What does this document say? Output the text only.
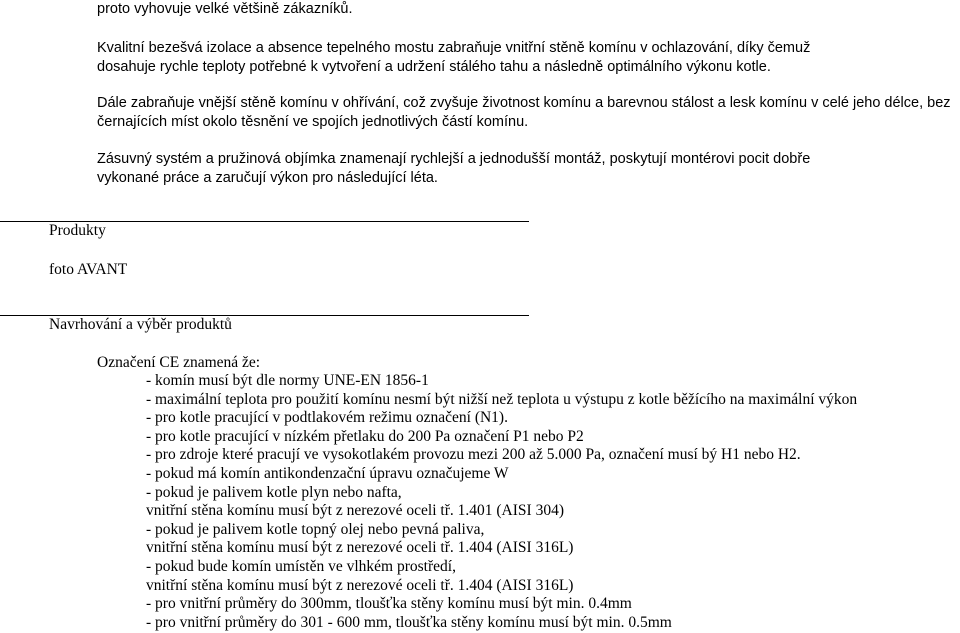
proto vyhovuje velké většině zákazníků.
Kvalitní bezešvá izolace a absence tepelného mostu zabraňuje vnitřní stěně komínu v ochlazování, díky čemuž
dosahuje rychle teploty potřebné k vytvoření a udržení stálého tahu a následně optimálního výkonu kotle.
Dále zabraňuje vnější stěně komínu v ohřívání, což zvyšuje životnost komínu a barevnou stálost a lesk komínu v celé jeho délce, bez
černajících míst okolo těsnění ve spojích jednotlivých částí komínu.
Zásuvný systém a pružinová objímka znamenají rychlejší a jednodušší montáž, poskytují montérovi pocit dobře
vykonané práce a zaručují výkon pro následující léta.
Produkty
foto AVANT
Navrhování a výběr produktů
Označení CE znamená že:
- komín musí být dle normy UNE-EN 1856-1
- maximální teplota pro použití komínu nesmí být nižší než teplota u výstupu z kotle běžícího na maximální výkon
- pro kotle pracující v podtlakovém režimu označení (N1).
- pro kotle pracující v nízkém přetlaku do 200 Pa označení P1 nebo P2
- pro zdroje které pracují ve vysokotlakém provozu mezi 200 až 5.000 Pa, označení musí bý H1 nebo H2.
- pokud má komín antikondenzační úpravu označujeme W
- pokud je palivem kotle plyn nebo nafta,
vnitřní stěna komínu musí být z nerezové oceli tř. 1.401 (AISI 304)
- pokud je palivem kotle topný olej nebo pevná paliva,
vnitřní stěna komínu musí být z nerezové oceli tř. 1.404 (AISI 316L)
- pokud bude komín umístěn ve vlhkém prostředí,
vnitřní stěna komínu musí být z nerezové oceli tř. 1.404 (AISI 316L)
- pro vnitřní průměry do 300mm, tloušťka stěny komínu musí být min. 0.4mm
- pro vnitřní průměry do 301 - 600 mm, tloušťka stěny komínu musí být min. 0.5mm
